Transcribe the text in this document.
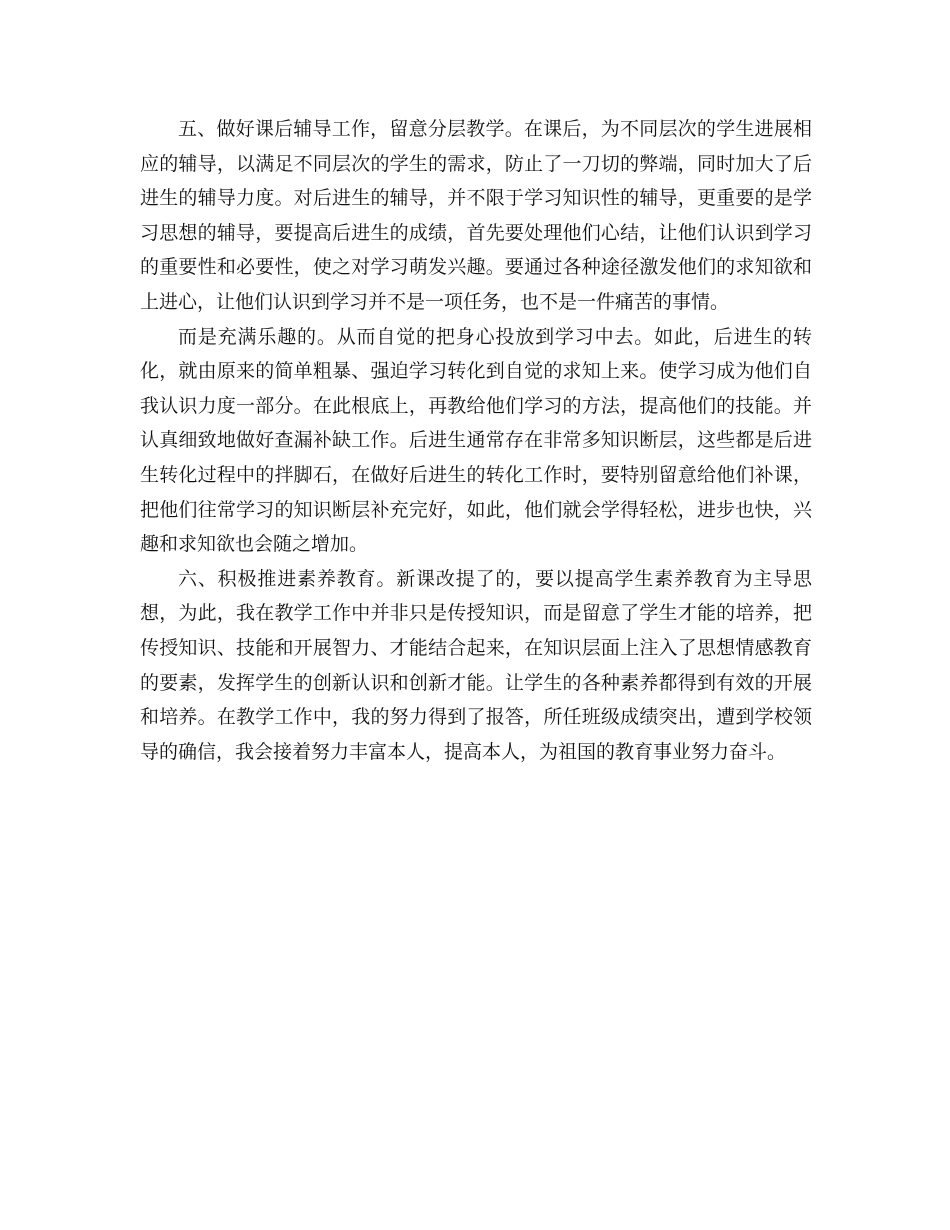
五、做好课后辅导工作，留意分层教学。在课后，为不同层次的学生进展相应的辅导，以满足不同层次的学生的需求，防止了一刀切的弊端，同时加大了后进生的辅导力度。对后进生的辅导，并不限于学习知识性的辅导，更重要的是学习思想的辅导，要提高后进生的成绩，首先要处理他们心结，让他们认识到学习的重要性和必要性，使之对学习萌发兴趣。要通过各种途径激发他们的求知欲和上进心，让他们认识到学习并不是一项任务，也不是一件痛苦的事情。

而是充满乐趣的。从而自觉的把身心投放到学习中去。如此，后进生的转化，就由原来的简单粗暴、强迫学习转化到自觉的求知上来。使学习成为他们自我认识力度一部分。在此根底上，再教给他们学习的方法，提高他们的技能。并认真细致地做好查漏补缺工作。后进生通常存在非常多知识断层，这些都是后进生转化过程中的拌脚石，在做好后进生的转化工作时，要特别留意给他们补课，把他们往常学习的知识断层补充完好，如此，他们就会学得轻松，进步也快，兴趣和求知欲也会随之增加。

六、积极推进素养教育。新课改提了的，要以提高学生素养教育为主导思想，为此，我在教学工作中并非只是传授知识，而是留意了学生才能的培养，把传授知识、技能和开展智力、才能结合起来，在知识层面上注入了思想情感教育的要素，发挥学生的创新认识和创新才能。让学生的各种素养都得到有效的开展和培养。在教学工作中，我的努力得到了报答，所任班级成绩突出，遭到学校领导的确信，我会接着努力丰富本人，提高本人，为祖国的教育事业努力奋斗。
